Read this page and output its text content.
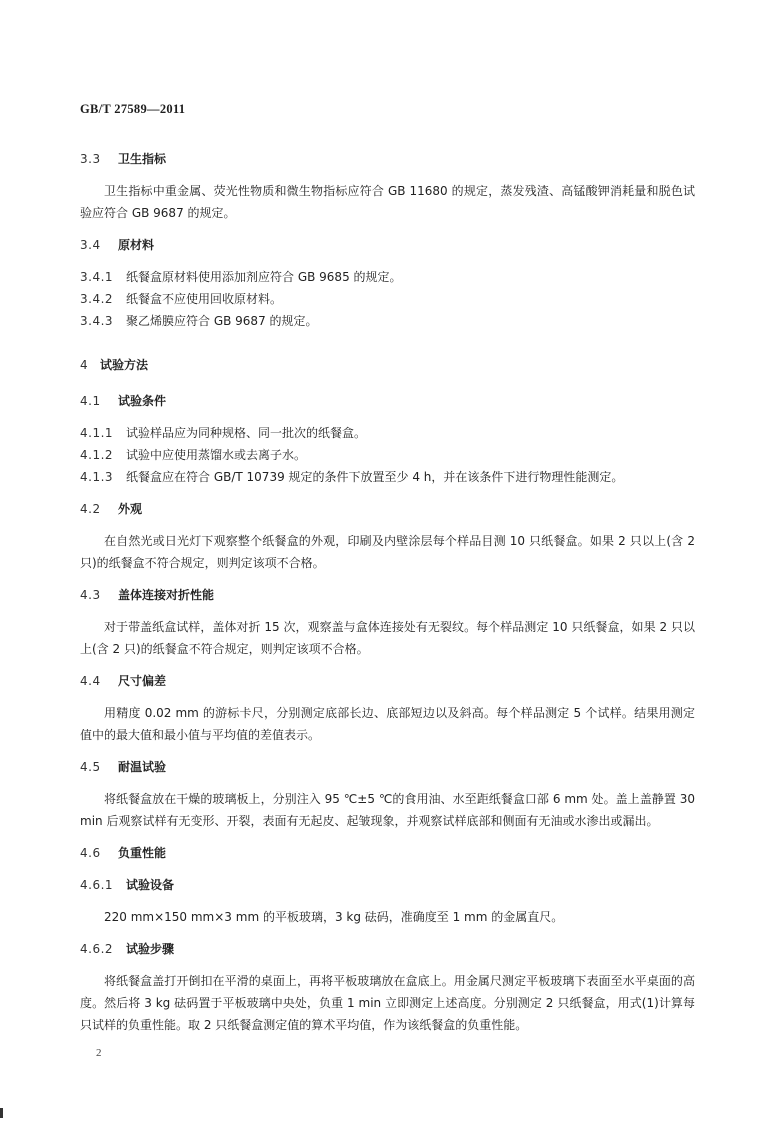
GB/T 27589—2011
3.3 卫生指标
卫生指标中重金属、荧光性物质和微生物指标应符合 GB 11680 的规定，蒸发残渣、高锰酸钾消耗量和脱色试验应符合 GB 9687 的规定。
3.4 原材料
3.4.1 纸餐盒原材料使用添加剂应符合 GB 9685 的规定。
3.4.2 纸餐盒不应使用回收原材料。
3.4.3 聚乙烯膜应符合 GB 9687 的规定。
4 试验方法
4.1 试验条件
4.1.1 试验样品应为同种规格、同一批次的纸餐盒。
4.1.2 试验中应使用蒸馏水或去离子水。
4.1.3 纸餐盒应在符合 GB/T 10739 规定的条件下放置至少 4 h，并在该条件下进行物理性能测定。
4.2 外观
在自然光或日光灯下观察整个纸餐盒的外观，印刷及内壁涂层每个样品目测 10 只纸餐盒。如果 2 只以上(含 2 只)的纸餐盒不符合规定，则判定该项不合格。
4.3 盖体连接对折性能
对于带盖纸盒试样，盖体对折 15 次，观察盖与盒体连接处有无裂纹。每个样品测定 10 只纸餐盒，如果 2 只以上(含 2 只)的纸餐盒不符合规定，则判定该项不合格。
4.4 尺寸偏差
用精度 0.02 mm 的游标卡尺，分别测定底部长边、底部短边以及斜高。每个样品测定 5 个试样。结果用测定值中的最大值和最小值与平均值的差值表示。
4.5 耐温试验
将纸餐盒放在干燥的玻璃板上，分别注入 95 ℃±5 ℃的食用油、水至距纸餐盒口部 6 mm 处。盖上盖静置 30 min 后观察试样有无变形、开裂，表面有无起皮、起皱现象，并观察试样底部和侧面有无油或水渗出或漏出。
4.6 负重性能
4.6.1 试验设备
220 mm×150 mm×3 mm 的平板玻璃，3 kg 砝码，准确度至 1 mm 的金属直尺。
4.6.2 试验步骤
将纸餐盒盖打开倒扣在平滑的桌面上，再将平板玻璃放在盒底上。用金属尺测定平板玻璃下表面至水平桌面的高度。然后将 3 kg 砝码置于平板玻璃中央处，负重 1 min 立即测定上述高度。分别测定 2 只纸餐盒，用式(1)计算每只试样的负重性能。取 2 只纸餐盒测定值的算术平均值，作为该纸餐盒的负重性能。
2
